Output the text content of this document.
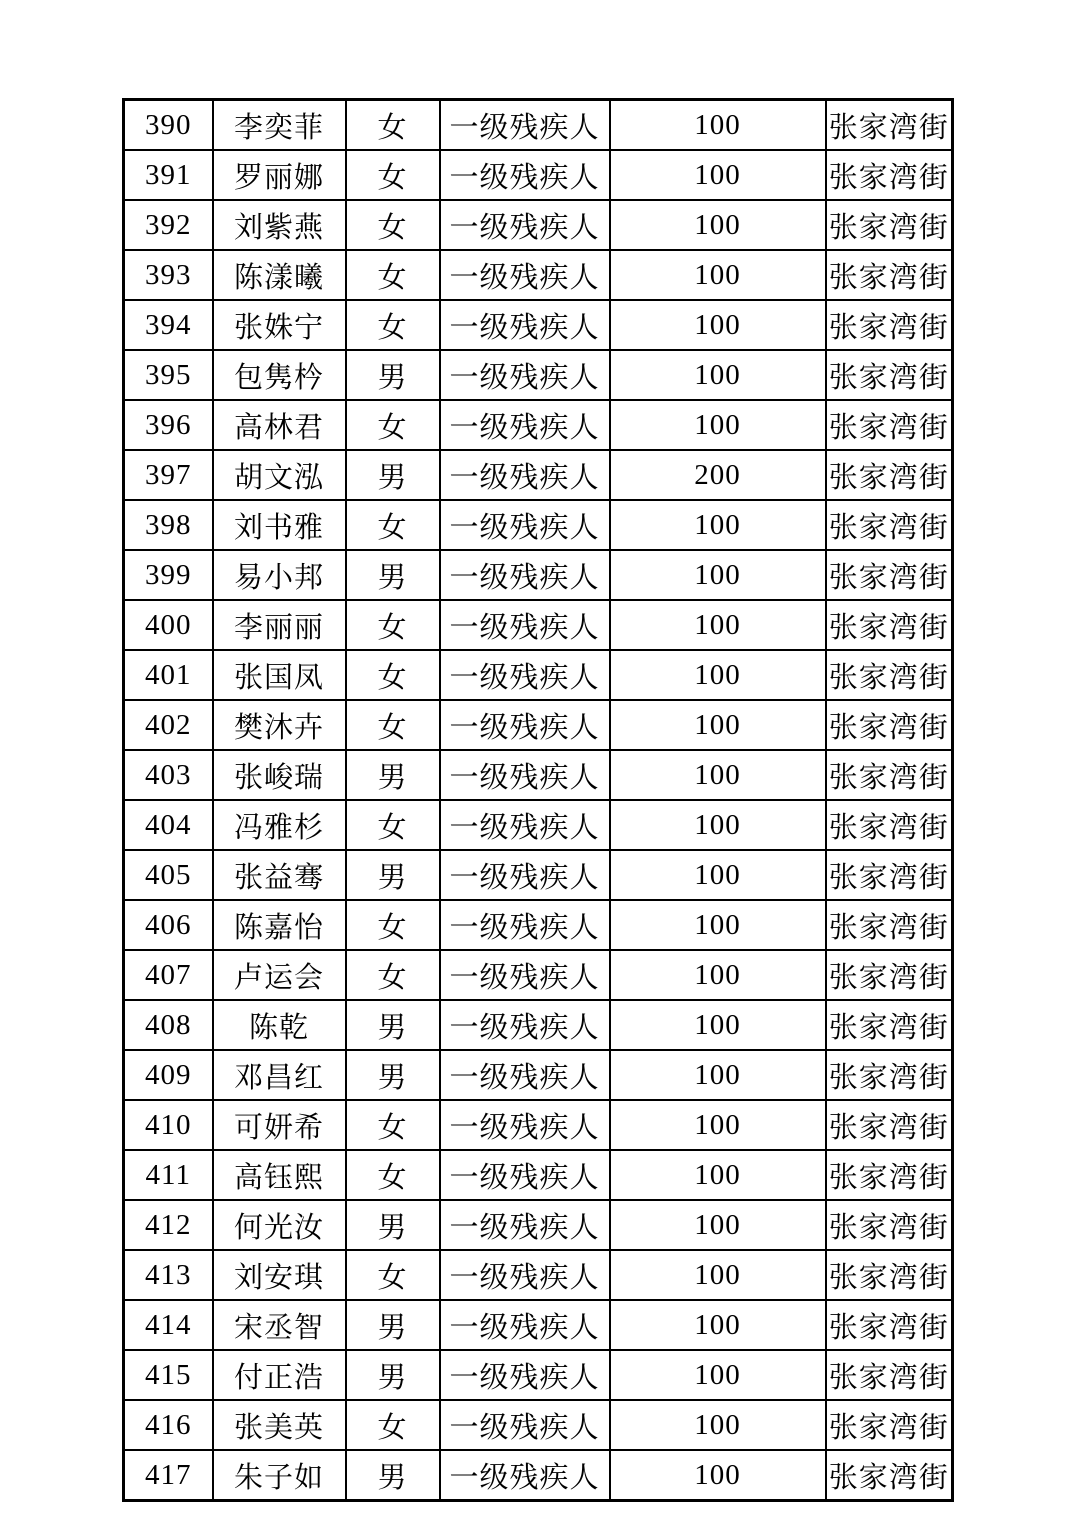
390	李奕菲	女	一级残疾人	100	张家湾街
391	罗丽娜	女	一级残疾人	100	张家湾街
392	刘紫燕	女	一级残疾人	100	张家湾街
393	陈漾曦	女	一级残疾人	100	张家湾街
394	张姝宁	女	一级残疾人	100	张家湾街
395	包隽枔	男	一级残疾人	100	张家湾街
396	高林君	女	一级残疾人	100	张家湾街
397	胡文泓	男	一级残疾人	200	张家湾街
398	刘书雅	女	一级残疾人	100	张家湾街
399	易小邦	男	一级残疾人	100	张家湾街
400	李丽丽	女	一级残疾人	100	张家湾街
401	张国凤	女	一级残疾人	100	张家湾街
402	樊沐卉	女	一级残疾人	100	张家湾街
403	张峻瑞	男	一级残疾人	100	张家湾街
404	冯雅杉	女	一级残疾人	100	张家湾街
405	张益骞	男	一级残疾人	100	张家湾街
406	陈嘉怡	女	一级残疾人	100	张家湾街
407	卢运会	女	一级残疾人	100	张家湾街
408	陈乾	男	一级残疾人	100	张家湾街
409	邓昌红	男	一级残疾人	100	张家湾街
410	可妍希	女	一级残疾人	100	张家湾街
411	高钰熙	女	一级残疾人	100	张家湾街
412	何光汝	男	一级残疾人	100	张家湾街
413	刘安琪	女	一级残疾人	100	张家湾街
414	宋丞智	男	一级残疾人	100	张家湾街
415	付正浩	男	一级残疾人	100	张家湾街
416	张美英	女	一级残疾人	100	张家湾街
417	朱子如	男	一级残疾人	100	张家湾街
